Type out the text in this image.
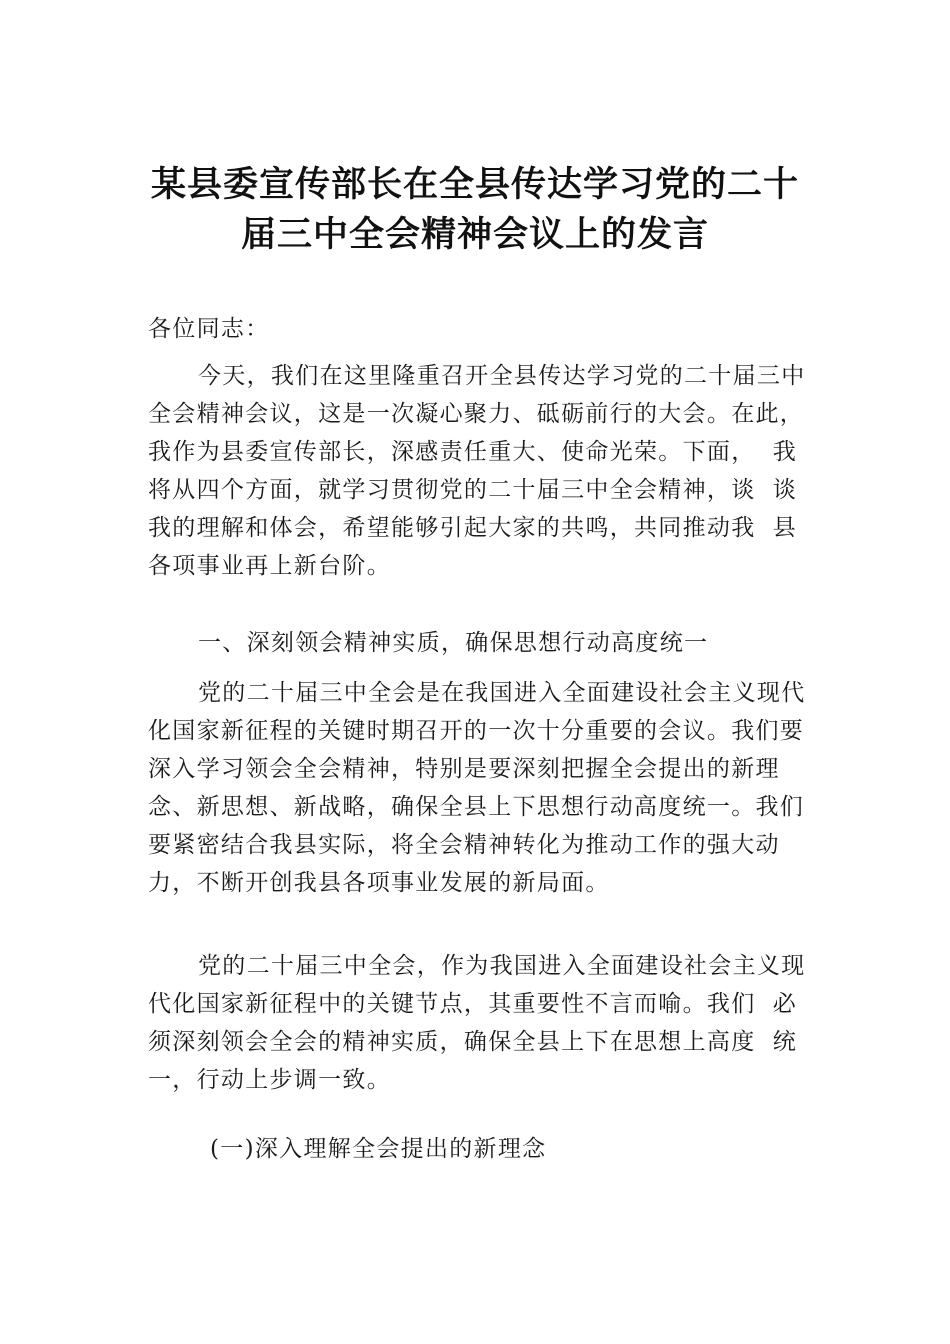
某县委宣传部长在全县传达学习党的二十
届三中全会精神会议上的发言
各位同志：
今天，我们在这里隆重召开全县传达学习党的二十届三中全会精神会议，这是一次凝心聚力、砥砺前行的大会。在此，我作为县委宣传部长，深感责任重大、使命光荣。下面，  我将从四个方面，就学习贯彻党的二十届三中全会精神，谈  谈我的理解和体会，希望能够引起大家的共鸣，共同推动我  县各项事业再上新台阶。
一、深刻领会精神实质，确保思想行动高度统一
党的二十届三中全会是在我国进入全面建设社会主义现代化国家新征程的关键时期召开的一次十分重要的会议。我们要深入学习领会全会精神，特别是要深刻把握全会提出的新理念、新思想、新战略，确保全县上下思想行动高度统一。我们要紧密结合我县实际，将全会精神转化为推动工作的强大动力，不断开创我县各项事业发展的新局面。
党的二十届三中全会，作为我国进入全面建设社会主义现代化国家新征程中的关键节点，其重要性不言而喻。我们  必须深刻领会全会的精神实质，确保全县上下在思想上高度  统一，行动上步调一致。
(一)深入理解全会提出的新理念
